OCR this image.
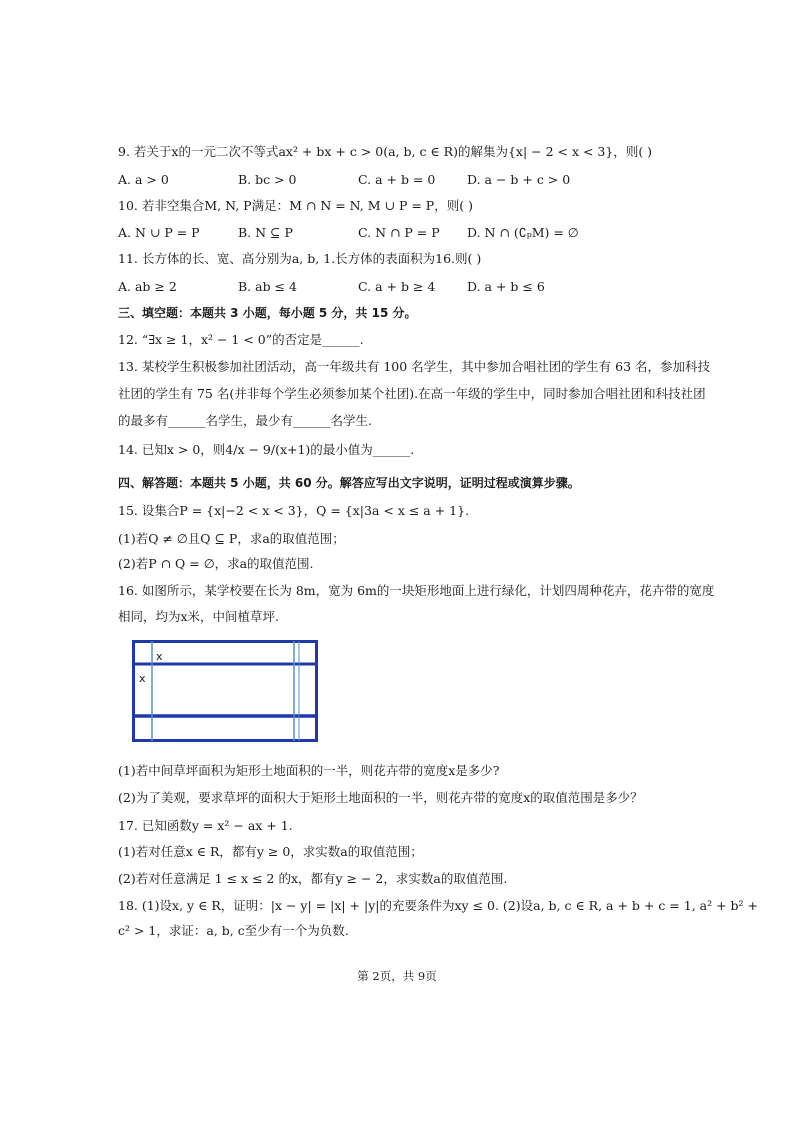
9. 若关于x的一元二次不等式ax² + bx + c > 0(a, b, c ∈ R)的解集为{x| − 2 < x < 3}，则( )
A. a > 0	B. bc > 0	C. a + b = 0	D. a − b + c > 0
10. 若非空集合M, N, P满足：M ∩ N = N, M ∪ P = P，则( )
A. N ∪ P = P	B. N ⊆ P	C. N ∩ P = P D. N ∩ (∁ₚM) = ∅
11. 长方体的长、宽、高分别为a, b, 1.长方体的表面积为16.则( )
A. ab ≥ 2	B. ab ≤ 4	C. a + b ≥ 4	D. a + b ≤ 6
三、填空题：本题共 3 小题，每小题 5 分，共 15 分。
12. “∃x ≥ 1，x² − 1 < 0”的否定是______.
13. 某校学生积极参加社团活动，高一年级共有 100 名学生，其中参加合唱社团的学生有 63 名，参加科技
社团的学生有 75 名(并非每个学生必须参加某个社团).在高一年级的学生中，同时参加合唱社团和科技社团
的最多有______名学生，最少有______名学生.
14. 已知x > 0，则4/x − 9/(x+1)的最小值为______.
四、解答题：本题共 5 小题，共 60 分。解答应写出文字说明，证明过程或演算步骤。
15. 设集合P = {x|−2 < x < 3}，Q = {x|3a < x ≤ a + 1}.
(1)若Q ≠ ∅且Q ⊆ P，求a的取值范围；
(2)若P ∩ Q = ∅，求a的取值范围.
16. 如图所示，某学校要在长为 8m，宽为 6m的一块矩形地面上进行绿化，计划四周种花卉，花卉带的宽度
相同，均为x米，中间植草坪.
x
x
(1)若中间草坪面积为矩形土地面积的一半，则花卉带的宽度x是多少?
(2)为了美观，要求草坪的面积大于矩形土地面积的一半，则花卉带的宽度x的取值范围是多少？
17. 已知函数y = x² − ax + 1.
(1)若对任意x ∈ R，都有y ≥ 0，求实数a的取值范围；
(2)若对任意满足 1 ≤ x ≤ 2 的x，都有y ≥ − 2，求实数a的取值范围.
18. (1)设x, y ∈ R，证明：|x − y| = |x| + |y|的充要条件为xy ≤ 0. (2)设a, b, c ∈ R, a + b + c = 1, a² + b² +
c² > 1，求证：a, b, c至少有一个为负数.
第 2页，共 9页
